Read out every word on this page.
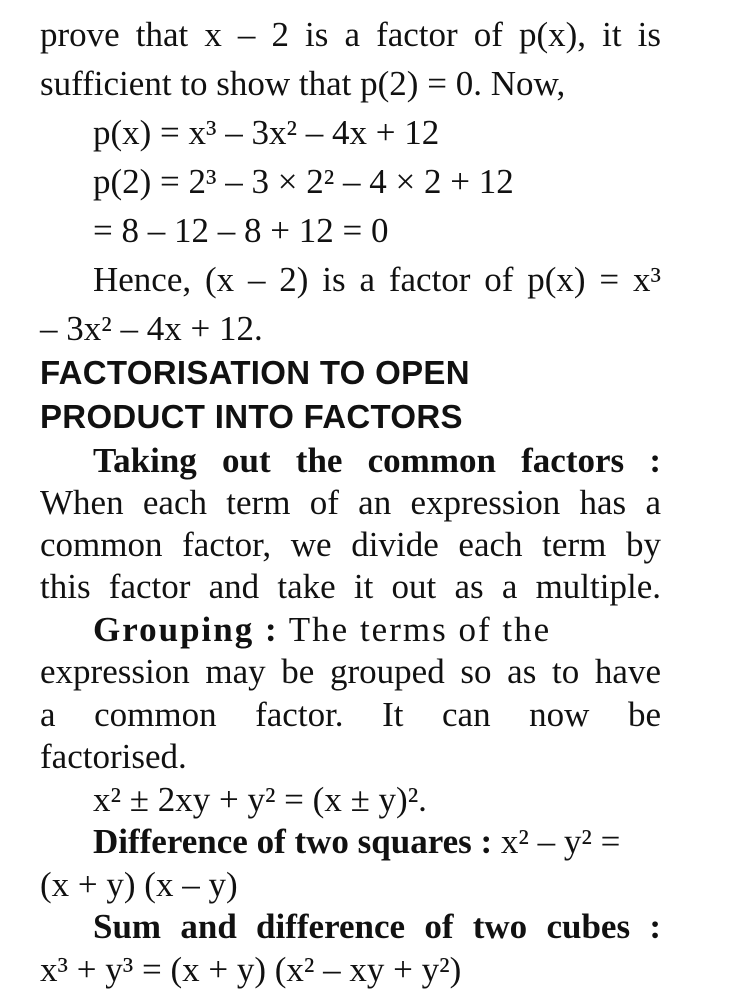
prove that x – 2 is a factor of p(x), it is
sufficient to show that p(2) = 0. Now,
p(x) = x³ – 3x² – 4x + 12
p(2) = 2³ – 3 × 2² – 4 × 2 + 12
= 8 – 12 – 8 + 12 = 0
Hence, (x – 2) is a factor of p(x) = x³
– 3x² – 4x + 12.
FACTORISATION TO OPEN
PRODUCT INTO FACTORS
Taking out the common factors :
When each term of an expression has a
common factor, we divide each term by
this factor and take it out as a multiple.
Grouping : The terms of the
expression may be grouped so as to have
a common factor. It can now be
factorised.
x² ± 2xy + y² = (x ± y)².
Difference of two squares : x² – y² =
(x + y) (x – y)
Sum and difference of two cubes :
x³ + y³ = (x + y) (x² – xy + y²)
